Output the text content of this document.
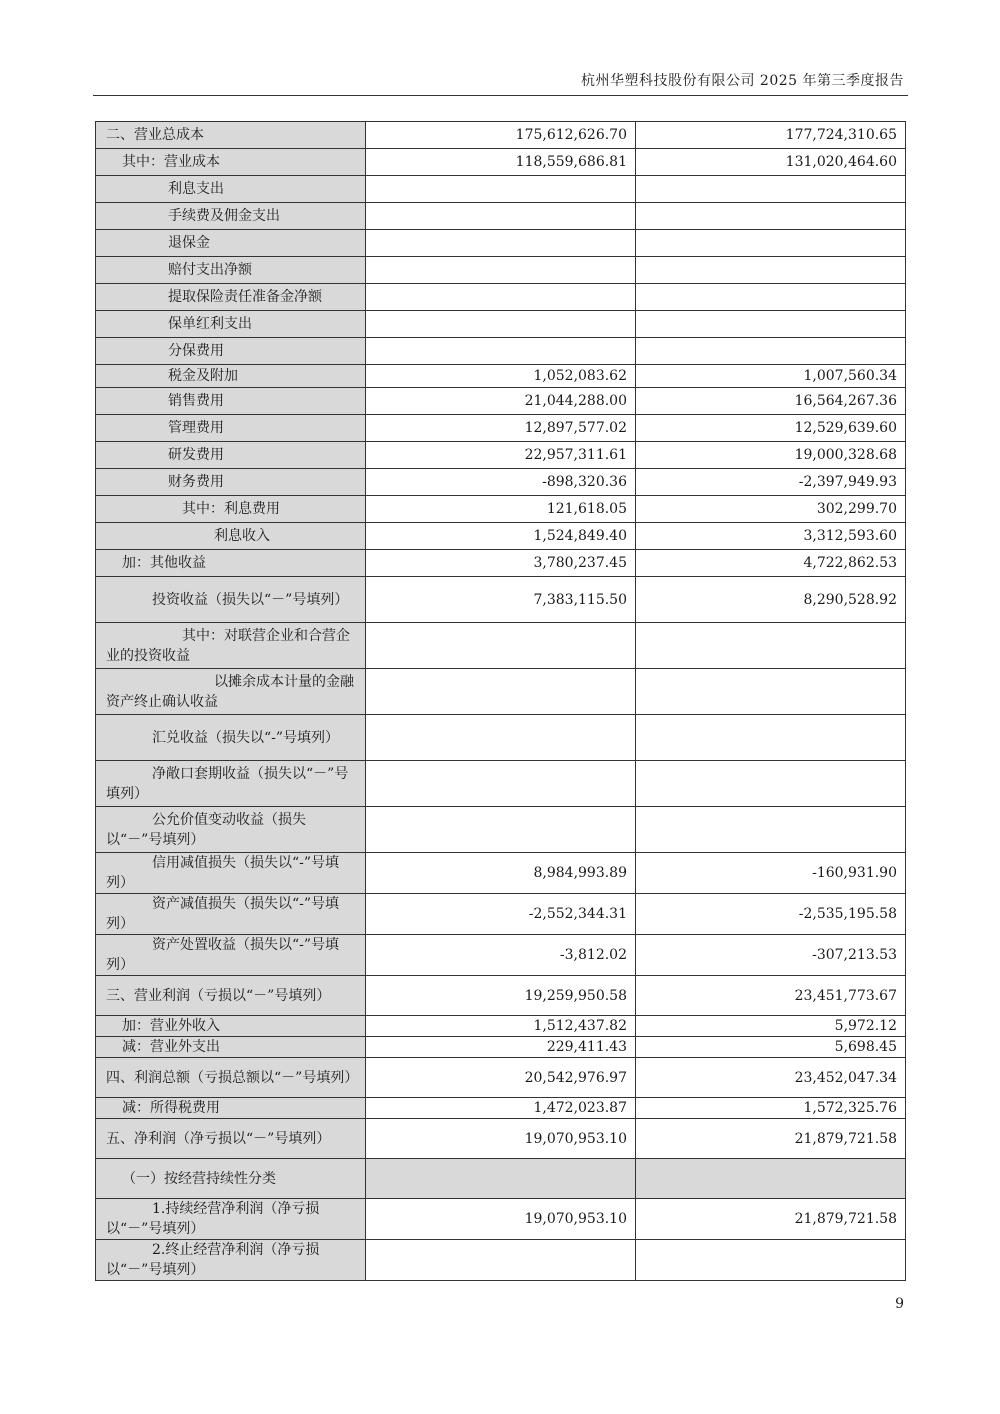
杭州华塑科技股份有限公司 2025 年第三季度报告
二、营业总成本	175,612,626.70	177,724,310.65
其中：营业成本	118,559,686.81	131,020,464.60
利息支出		
手续费及佣金支出		
退保金		
赔付支出净额		
提取保险责任准备金净额		
保单红利支出		
分保费用		
税金及附加	1,052,083.62	1,007,560.34
销售费用	21,044,288.00	16,564,267.36
管理费用	12,897,577.02	12,529,639.60
研发费用	22,957,311.61	19,000,328.68
财务费用	-898,320.36	-2,397,949.93
其中：利息费用	121,618.05	302,299.70
利息收入	1,524,849.40	3,312,593.60
加：其他收益	3,780,237.45	4,722,862.53
投资收益（损失以“－”号填列）	7,383,115.50	8,290,528.92
其中：对联营企业和合营企业的投资收益		
以摊余成本计量的金融资产终止确认收益		
汇兑收益（损失以“-”号填列）		
净敞口套期收益（损失以“－”号填列）		
公允价值变动收益（损失以“－”号填列）		
信用减值损失（损失以“-”号填列）	8,984,993.89	-160,931.90
资产减值损失（损失以“-”号填列）	-2,552,344.31	-2,535,195.58
资产处置收益（损失以“-”号填列）	-3,812.02	-307,213.53
三、营业利润（亏损以“－”号填列）	19,259,950.58	23,451,773.67
加：营业外收入	1,512,437.82	5,972.12
减：营业外支出	229,411.43	5,698.45
四、利润总额（亏损总额以“－”号填列）	20,542,976.97	23,452,047.34
减：所得税费用	1,472,023.87	1,572,325.76
五、净利润（净亏损以“－”号填列）	19,070,953.10	21,879,721.58
（一）按经营持续性分类		
1.持续经营净利润（净亏损以“－”号填列）	19,070,953.10	21,879,721.58
2.终止经营净利润（净亏损以“－”号填列）		
9
